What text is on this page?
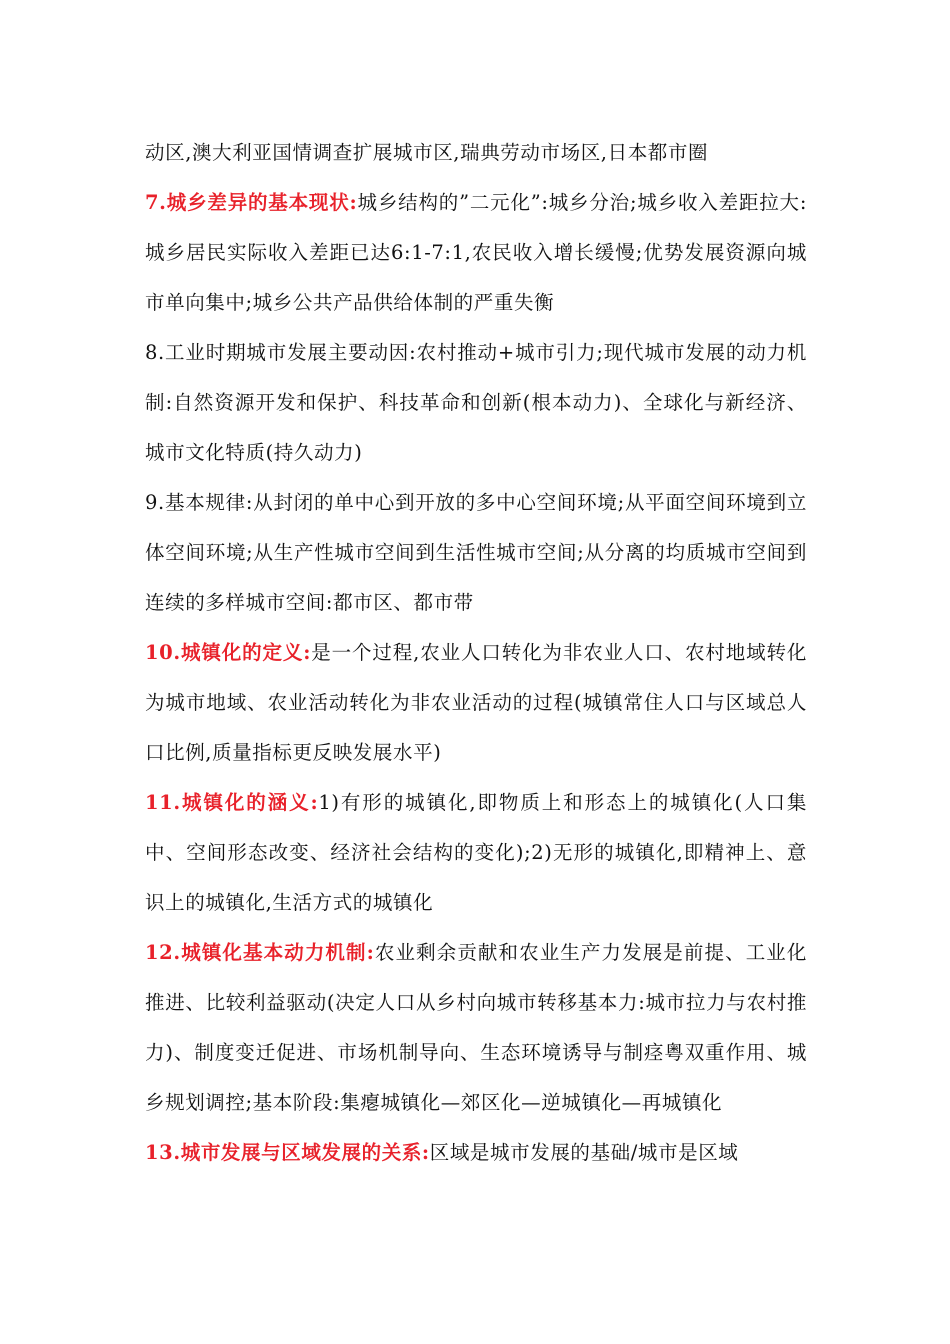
动区,澳大利亚国情调查扩展城市区,瑞典劳动市场区,日本都市圈

7.城乡差异的基本现状:城乡结构的”二元化”:城乡分治;城乡收入差距拉大:城乡居民实际收入差距已达6:1-7:1,农民收入增长缓慢;优势发展资源向城市单向集中;城乡公共产品供给体制的严重失衡

8.工业时期城市发展主要动因:农村推动+城市引力;现代城市发展的动力机制:自然资源开发和保护、科技革命和创新(根本动力)、全球化与新经济、城市文化特质(持久动力)

9.基本规律:从封闭的单中心到开放的多中心空间环境;从平面空间环境到立体空间环境;从生产性城市空间到生活性城市空间;从分离的均质城市空间到连续的多样城市空间:都市区、都市带

10.城镇化的定义:是一个过程,农业人口转化为非农业人口、农村地域转化为城市地域、农业活动转化为非农业活动的过程(城镇常住人口与区域总人口比例,质量指标更反映发展水平)

11.城镇化的涵义:1)有形的城镇化,即物质上和形态上的城镇化(人口集中、空间形态改变、经济社会结构的变化);2)无形的城镇化,即精神上、意识上的城镇化,生活方式的城镇化

12.城镇化基本动力机制:农业剩余贡献和农业生产力发展是前提、工业化推进、比较利益驱动(决定人口从乡村向城市转移基本力:城市拉力与农村推力)、制度变迁促进、市场机制导向、生态环境诱导与制痉粤双重作用、城乡规划调控;基本阶段:集瘪城镇化—郊区化—逆城镇化—再城镇化

13.城市发展与区域发展的关系:区域是城市发展的基础/城市是区域
